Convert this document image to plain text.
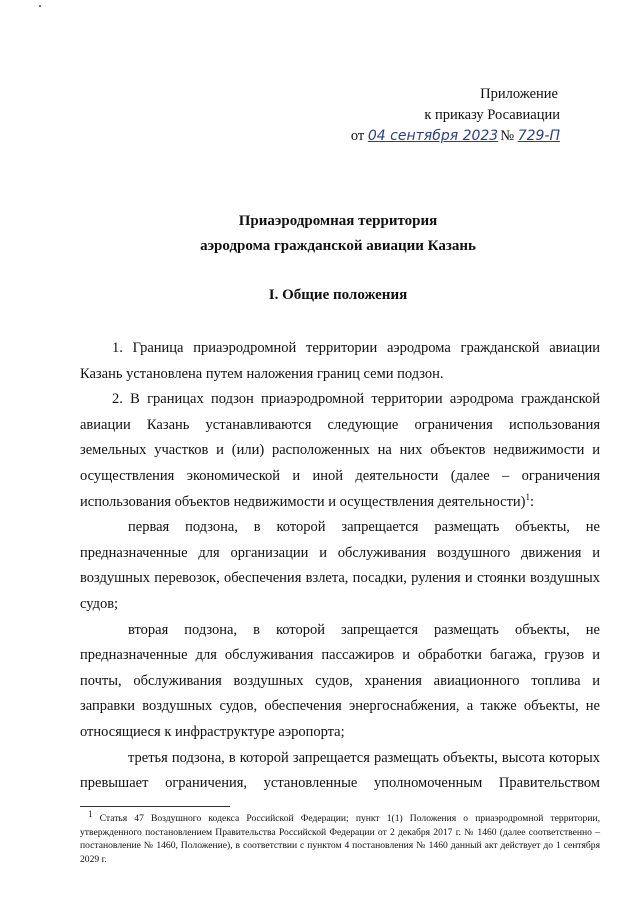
Приложение
к приказу Росавиации
от 04 сентября 2023 № 729-П
Приаэродромная территория
аэродрома гражданской авиации Казань
I. Общие положения

1. Граница приаэродромной территории аэродрома гражданской авиации Казань установлена путем наложения границ семи подзон.

2. В границах подзон приаэродромной территории аэродрома гражданской авиации Казань устанавливаются следующие ограничения использования земельных участков и (или) расположенных на них объектов недвижимости и осуществления экономической и иной деятельности (далее – ограничения использования объектов недвижимости и осуществления деятельности)$^1$:

первая подзона, в которой запрещается размещать объекты, не предназначенные для организации и обслуживания воздушного движения и воздушных перевозок, обеспечения взлета, посадки, руления и стоянки воздушных судов;

вторая подзона, в которой запрещается размещать объекты, не предназначенные для обслуживания пассажиров и обработки багажа, грузов и почты, обслуживания воздушных судов, хранения авиационного топлива и заправки воздушных судов, обеспечения энергоснабжения, а также объекты, не относящиеся к инфраструктуре аэропорта;

третья подзона, в которой запрещается размещать объекты, высота которых превышает ограничения, установленные уполномоченным Правительством

$^1$ Статья 47 Воздушного кодекса Российской Федерации; пункт 1(1) Положения о приаэродромной территории, утвержденного постановлением Правительства Российской Федерации от 2 декабря 2017 г. № 1460 (далее соответственно – постановление № 1460, Положение), в соответствии с пунктом 4 постановления № 1460 данный акт действует до 1 сентября 2029 г.
